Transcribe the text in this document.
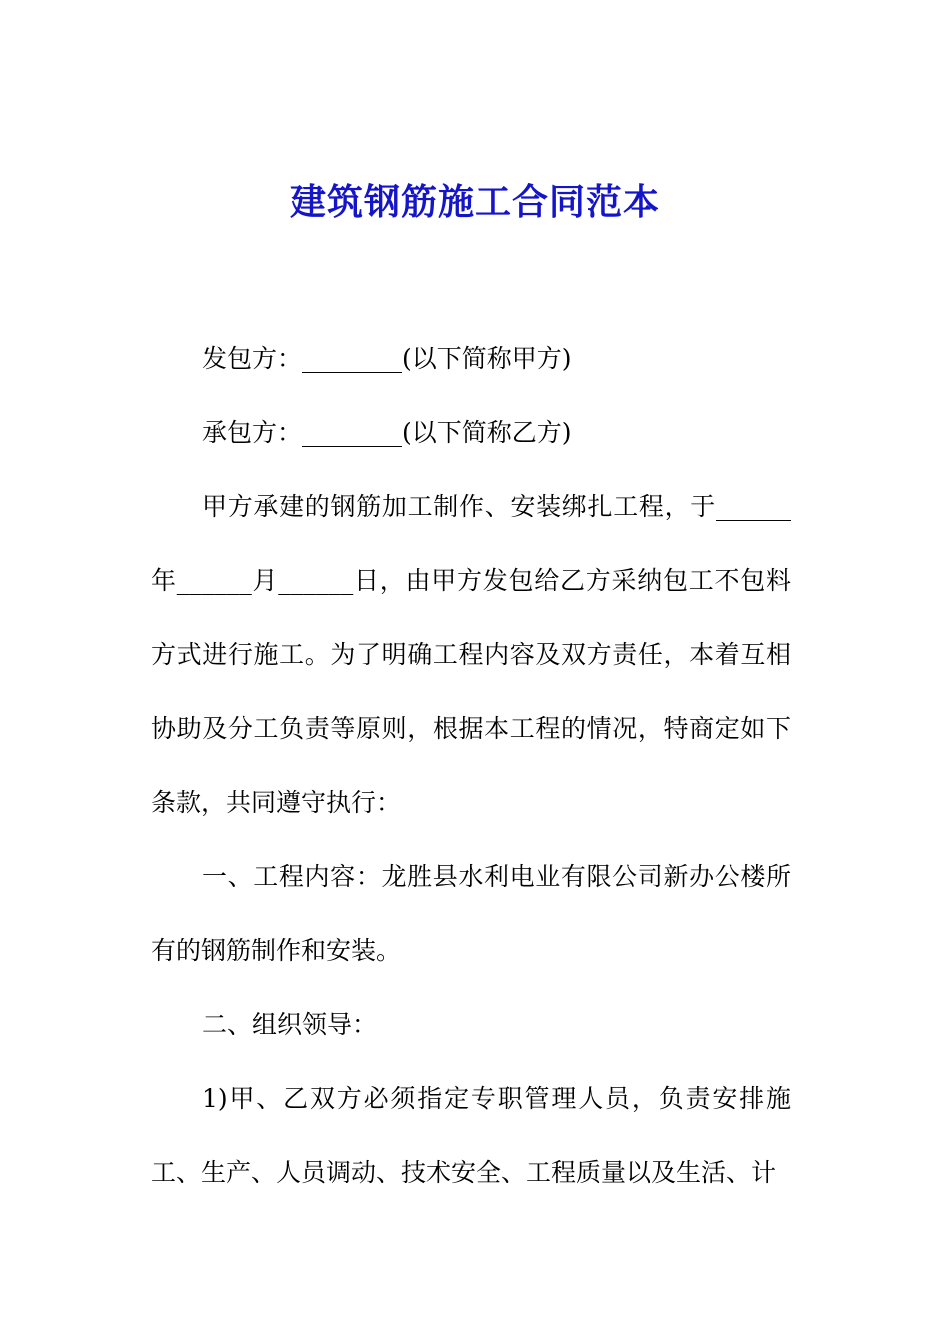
建筑钢筋施工合同范本

发包方：________(以下简称甲方)

承包方：________(以下简称乙方)

甲方承建的钢筋加工制作、安装绑扎工程，于______年______月______日，由甲方发包给乙方采纳包工不包料方式进行施工。为了明确工程内容及双方责任，本着互相协助及分工负责等原则，根据本工程的情况，特商定如下条款，共同遵守执行：

一、工程内容：龙胜县水利电业有限公司新办公楼所有的钢筋制作和安装。

二、组织领导：

1)甲、乙双方必须指定专职管理人员，负责安排施工、生产、人员调动、技术安全、工程质量以及生活、计
